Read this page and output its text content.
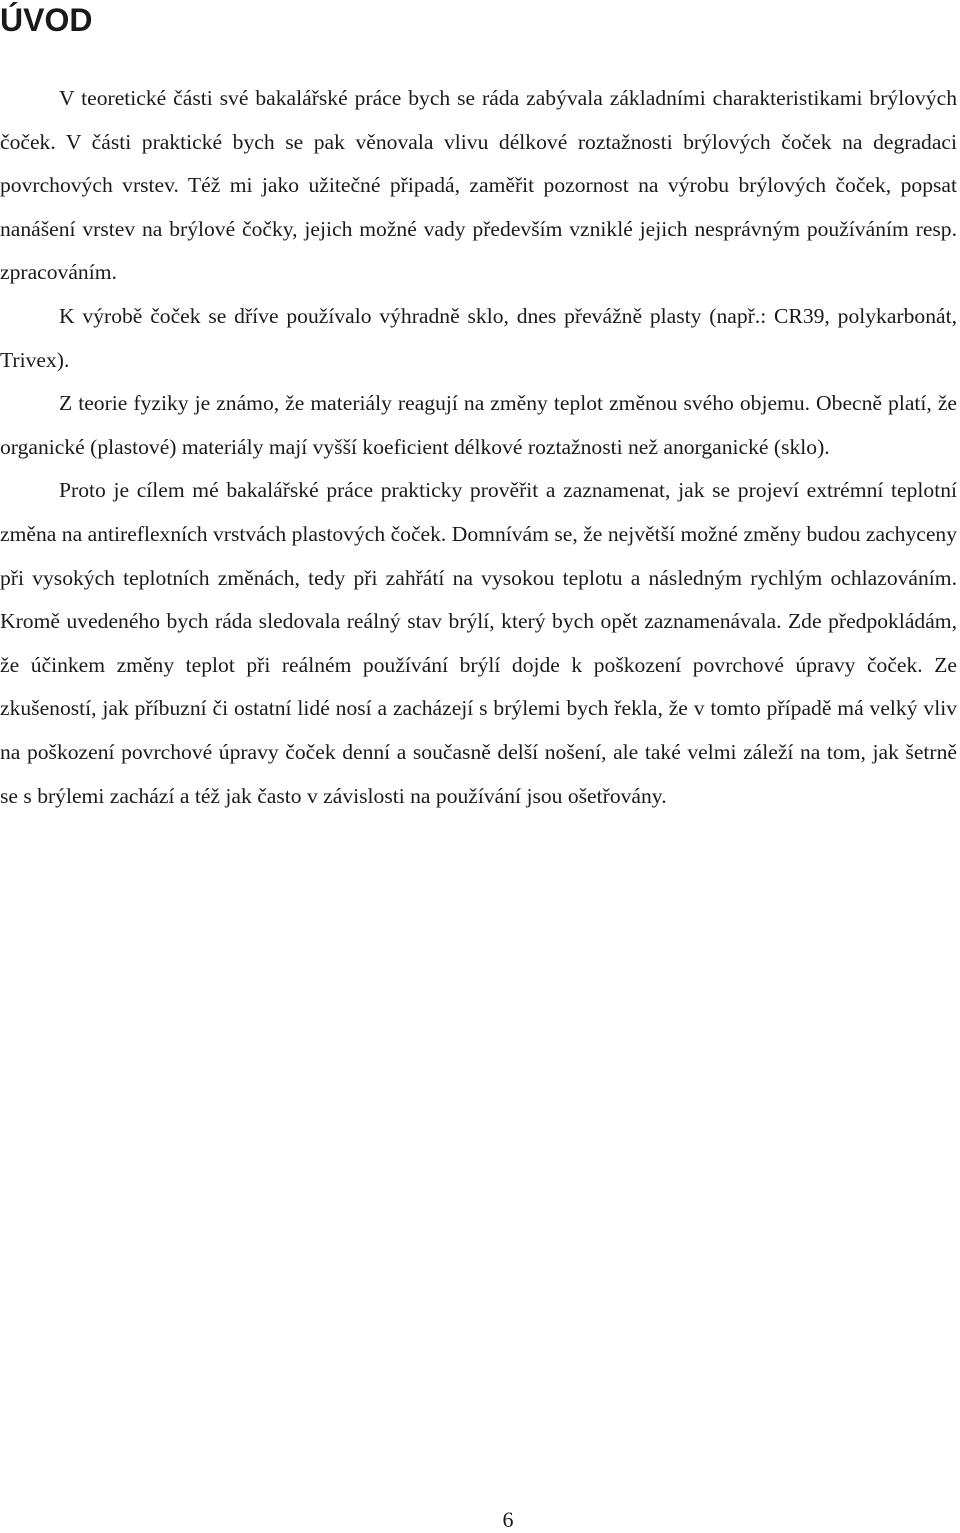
ÚVOD

V teoretické části své bakalářské práce bych se ráda zabývala základními charakteristikami brýlových čoček. V části praktické bych se pak věnovala vlivu délkové roztažnosti brýlových čoček na degradaci povrchových vrstev. Též mi jako užitečné připadá, zaměřit pozornost na výrobu brýlových čoček, popsat nanášení vrstev na brýlové čočky, jejich možné vady především vzniklé jejich nesprávným používáním resp. zpracováním.

K výrobě čoček se dříve používalo výhradně sklo, dnes převážně plasty (např.: CR39, polykarbonát, Trivex).

Z teorie fyziky je známo, že materiály reagují na změny teplot změnou svého objemu. Obecně platí, že organické (plastové) materiály mají vyšší koeficient délkové roztažnosti než anorganické (sklo).

Proto je cílem mé bakalářské práce prakticky prověřit a zaznamenat, jak se projeví extrémní teplotní změna na antireflexních vrstvách plastových čoček. Domnívám se, že největší možné změny budou zachyceny při vysokých teplotních změnách, tedy při zahřátí na vysokou teplotu a následným rychlým ochlazováním. Kromě uvedeného bych ráda sledovala reálný stav brýlí, který bych opět zaznamenávala. Zde předpokládám, že účinkem změny teplot při reálném používání brýlí dojde k poškození povrchové úpravy čoček. Ze zkušeností, jak příbuzní či ostatní lidé nosí a zacházejí s brýlemi bych řekla, že v tomto případě má velký vliv na poškození povrchové úpravy čoček denní a současně delší nošení, ale také velmi záleží na tom, jak šetrně se s brýlemi zachází a též jak často v závislosti na používání jsou ošetřovány.

6
